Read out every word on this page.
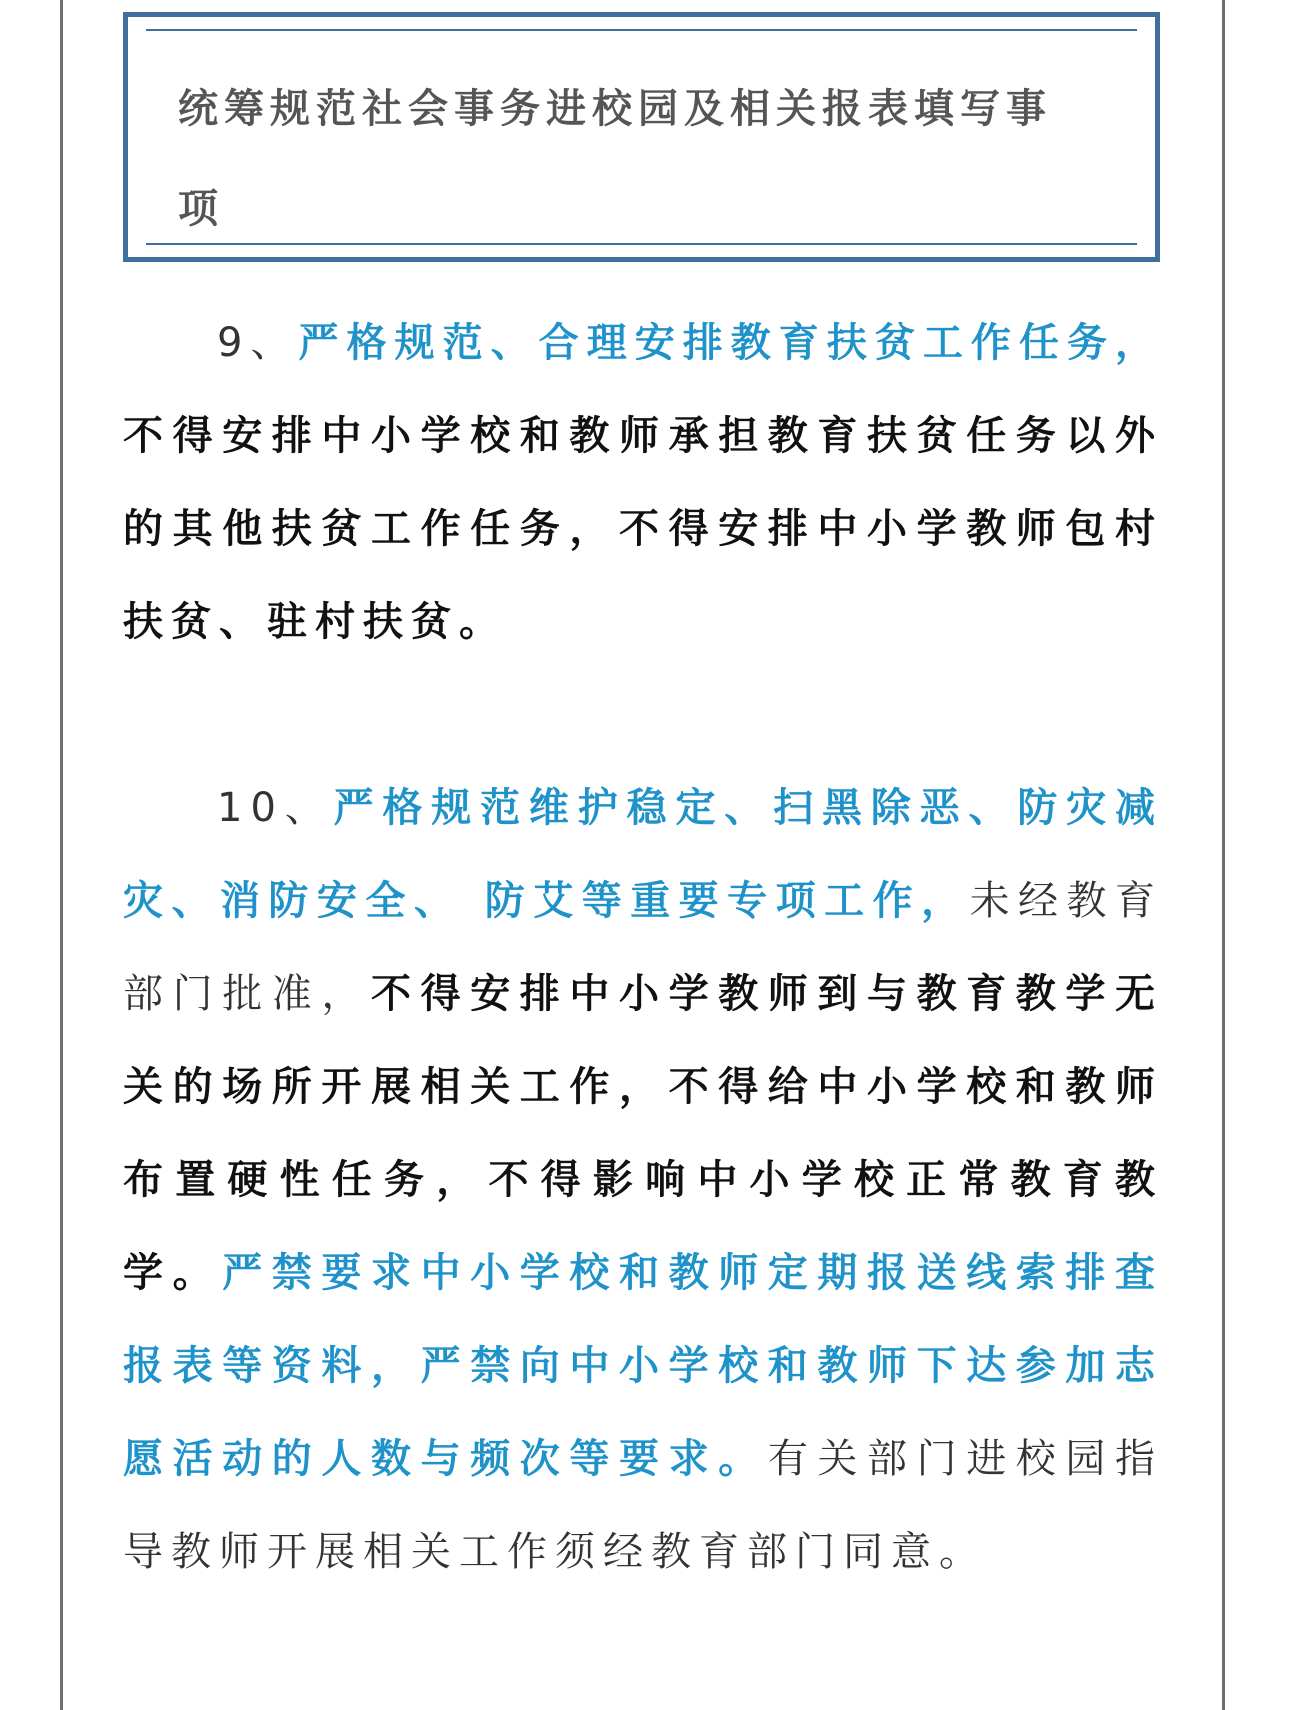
统筹规范社会事务进校园及相关报表填写事项

9、严格规范、合理安排教育扶贫工作任务，不得安排中小学校和教师承担教育扶贫任务以外的其他扶贫工作任务，不得安排中小学教师包村扶贫、驻村扶贫。

10、严格规范维护稳定、扫黑除恶、防灾减灾、消防安全、 防艾等重要专项工作，未经教育部门批准，不得安排中小学教师到与教育教学无关的场所开展相关工作，不得给中小学校和教师布置硬性任务，不得影响中小学校正常教育教学。严禁要求中小学校和教师定期报送线索排查报表等资料，严禁向中小学校和教师下达参加志愿活动的人数与频次等要求。有关部门进校园指导教师开展相关工作须经教育部门同意。
